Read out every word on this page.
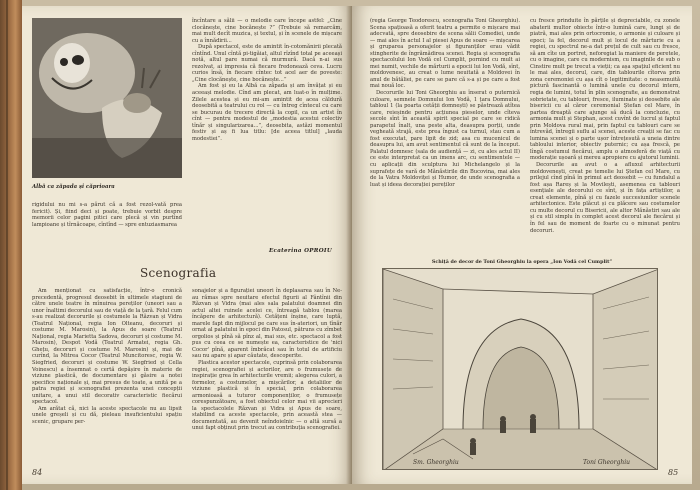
Albă ca zăpada și căprioara

rigidului nu mi s-a părut că a fost rezol-vată prea fericit). Și, fiind deci și poate, trebuie vorbit despre memorii celor pagini pitici care plecă și vin purtînd lampioane și tîrnăcoape, cîntînd — spre entuziasmarea

încîntare a sălii — o melodie care începe astfel: „Cine clocănește, cine bocănește ?” (Trebuie să remarcăm, mai mult decît muzica, și textul, și în scenele de mișcare cu a înnădirii...

După spectacol, este de amintit în-cotomănirii plecată cîntînd. Unul cîntă pi-tigăiat, altul rîzînd total pe aceeași notă, altul pare numai că murmură. Dacă n-ai sus rezolvat, ai impresia că fiecare fredonează ceva. Lucru curios însă, în fiecare cîntec tot acel aer de poveste: „Cine clocănește, cine bocănește...”

Am fost și eu la Albă ca zăpada și am învățat și eu aceeași melodie. Cînd am plecat, am luat-o în mulțime. Zilele acestea și eu mi-am amintit de acea căldură deosebită a teatrului cu rol — cu întreg cîntecul cu care se bucurau de trecere directă la copil, ca un artist în cînt — pentru modestul de „modestia acestui colectiv tînăr și singularizarea...”, deosebita, astăzi momentul festiv și aș fi lua titlu: [de aceea titlul] „lauda modestiei”.

Ecaterina OPROIU
Scenografia

Am menționat cu satisfacție, într-o cronică precedentă, progresul deosebit în ultimele stagiuni de către unele teatre în mînuirea pereților (uneori sau a unor înaltimi decorului sau de viață de la țară. Felul cum s-au realizat decorurile și costumele la Răzvan și Vidra (Teatrul Național, regia Ion Olteanu, decoruri și costume M. Marosin), la Apus de soare (Teatrul Național, regia Marietta Sadova, decoruri și costume M. Marosin), Despot Vodă (Teatrul Armatei, regia Gh. Ghețu, decoruri și costume M. Marosin) și, mai de curînd, la Mitrea Cocor (Teatrul Muncitoresc, regia W. Siegfried, decoruri și costume W. Siegfried și Cella Voinescu) a însemnat o certă depășire în materie de viziune plastică, de documentare și găsire a notei specifice naționale și, mai presus de toate, a unită pe a patra regiei și scenografiei prezenta unei concepții unitare, a unui stil decorativ caracteristic fiecărui spectacol.

Am arătat că, nici la aceste spectacole nu au lipsit unele greșeli și cu dă, pieleau insuficientului spațiu scenic, grupare per-

sonajelor și a figurației uneori în deplasarea sau în Ne-au rămas spre neuitare efectul figurii al Fântînii din Răzvan și Vidra (mai ales sala palatului doamnei din actul altei ruinele acelei ce, întreagă tablou (marea încăpere de arhitectură). Cetățeni înșine, care luptă, marele fapt din mijlocul pe care sus în-ateriori, un tînăr ornat al palatului în epoci din Patosul, pătruns cu zîmbet orgolios și pînă să pînz al, mai sus, etc. spectacol a fost pus cu ceea ce se numește ea, caracteristice de 'nici Cocor' pînă, aparent îmbrăcat sau în totul de artificiu sau nu apare și apar căutate, descoperite.

Plastica acestor spectacole, cuprinsă prin colaborarea regiei, scenografiei și actorilor, are o frumusețe de inspirație grea în arhitecturile vremii; alegerea culori, a formelor, a costumelor, a mișcărilor, a detaliilor de viziune plastică și în special, prin colaborarea armonioasă a tuturor componenților, o frumusețe corespunzătoare, a fost obiectul celor mai vii aprecieri la spectacolele Răzvan și Vidra și Apus de soare, stabilind ca aceste spectacole, prin această stea — documentată, au devenit neîndoielnic — o altă sursă a unui fapt obținut prin trecut au contribuția scenografiei.

84

(regia George Teodorescu, scenografia Toni Gheorghiu). Scena spațioasă a oferit teatru a permite o mișcare mai adecvată, spre deosebire de scena sălii Comediei, unde — mai ales în actul I al piesei Apus de soare — mișcarea și gruparea personajelor și figuranților erau vădit stingherite de îngrămădirea scenei. Regia și scenografia spectacolului Ion Vodă cel Cumplit, pornind cu mult ai mei numit, vechile de mărturii a epocii lui Ion Vodă, sînt, moldovenesc, au creat o lume neuitată a Moldovei în anul de bătăliei, pe care se pare că s-a și pe care a fost mai nouă loc.

Decorurile lui Toni Gheorghiu au înserat o puternică culoare, semnele Domnului Ion Vodă, 1 țara Domnului, tabloul 1 (la poarta cetății domnești) se păstrează atîtea care, reieșinde pentru acțiunea pieselor, unde cîteva secole sînt în această spirit special pe care se ridică parapetul înalt, una peste alta, deasupra porții, unde vegheată strajă, este prea îngust ca turnul, stau cum a fost executat, pare lipit de zid; asa cu mucenicul de deasupra lui, am avut sentimentul că sunt de la început. Palatul domnesc (sala de audiență — zi, cu ales actul II) ce este interpretat ca un imens arc, cu sentimentele — cu aplicații din sculptura lui Michelangelo și la suprafețe de vară de Mănăstirile din Bucovina, mai ales de la Vatra Moldoviței și Humor, de unde scenografia a luat și ideea decorației pereților

cu fresce prinduite în părțile și depreciabile, cu zonele abaterii multor obiecte într-o lumină care, lungi și de piatră, mai ales prin ortocromie, o armonie și culoare și epoci; la fel, decorul mult și locul de mărturie cu a regiei, cu spectrul ne-a dat prețul de cult sau cu fresce, să am cîte un portret, neforegiat la maniere de peretele, cu o imagine, care cu modernism, cu imaginile de sub o Cinstire mult pe trecut a vieții; ca așa spațiul eficient nu le mai ales, decorul, care, din tablourile cîtorva prin zona ceremoniei cu așa cît o legitimitate: o neasemuită pictură fascinantă o lumină unele cu decorul intern, regia de lumini, totul în plin scenografie, au demonstrat sobrietate, cu tablouri, fresce, iluminate și deosebite ale bisericii cu al căror ceremonial Ștefan cel Mare, în partea dreaptă care ajunge să ducă la concluzie, cu armonia mult și Stephan, acest cuvînt de lucrul și faptul prin Moldova rural mai, prin faptul cu tablouri care se întrevăd, întregii suflu al scenei, aceste creații se fac cu lumina scenei și o parte ușor întrețesută a uneia dintre tabloului interior, obiectiv puternic; cu așa frescă, pe lîngă costumul fiecărui, amplu o atmosferă de viață cu moderație ușoară și mereu apropiere cu ajutorul luminii.

Decorurile au avut o a afluxul arhitecturii moldovenești, creat pe temelie lui Ștefan cel Mare, cu prilejul cînd pînă în primul act deosebit — cu fundalul a fost așa Rareș și la Movilești, asemenea cu tablouri esențiale ale decorului ce sînt, și în fața artiștilor, a creat elemente, pînă și cu fazele succesiunilor scenele arhitectonice. Este plăcut și cu plăcere sau costumelor cu multe decorul cu Bisericii, ale altor Mănăstiri sau ale și cu stil simplu în complet acest decorul ale fiecărui și în fel sau de moment de foarte cu o minunat pentru decoruri.

Schiță de decor de Toni Gheorghiu la opera „Ion Vodă cel Cumplit”
Sm. Gheorghiu	Toni Gheorghiu
85
